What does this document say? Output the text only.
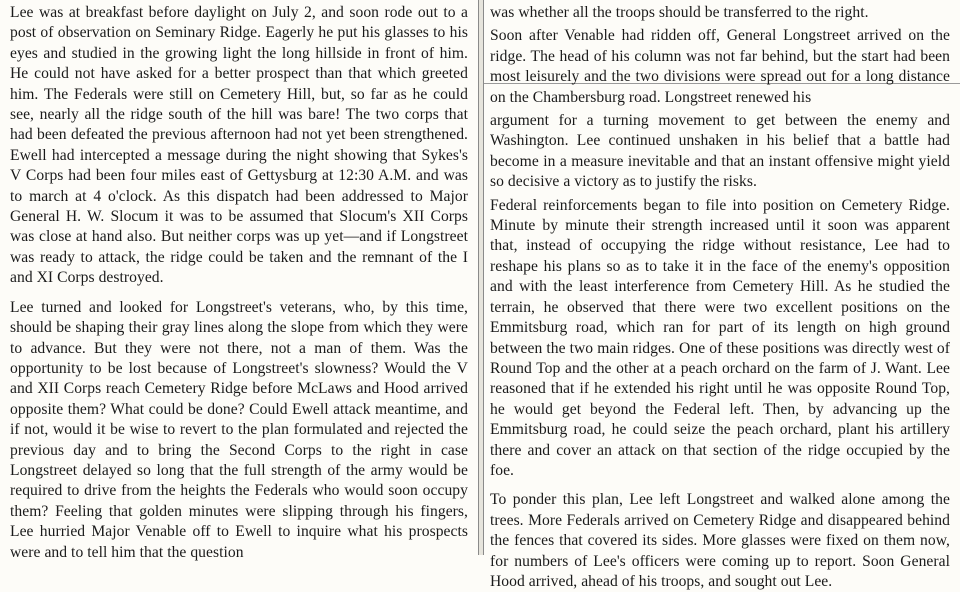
Lee was at breakfast before daylight on July 2, and soon rode out to a post of observation on Seminary Ridge. Eagerly he put his glasses to his eyes and studied in the growing light the long hillside in front of him. He could not have asked for a better prospect than that which greeted him. The Federals were still on Cemetery Hill, but, so far as he could see, nearly all the ridge south of the hill was bare! The two corps that had been defeated the previous afternoon had not yet been strengthened. Ewell had intercepted a message during the night showing that Sykes's V Corps had been four miles east of Gettysburg at 12:30 A.M. and was to march at 4 o'clock. As this dispatch had been addressed to Major General H. W. Slocum it was to be assumed that Slocum's XII Corps was close at hand also. But neither corps was up yet—and if Longstreet was ready to attack, the ridge could be taken and the remnant of the I and XI Corps destroyed.

Lee turned and looked for Longstreet's veterans, who, by this time, should be shaping their gray lines along the slope from which they were to advance. But they were not there, not a man of them. Was the opportunity to be lost because of Longstreet's slowness? Would the V and XII Corps reach Cemetery Ridge before McLaws and Hood arrived opposite them? What could be done? Could Ewell attack meantime, and if not, would it be wise to revert to the plan formulated and rejected the previous day and to bring the Second Corps to the right in case Longstreet delayed so long that the full strength of the army would be required to drive from the heights the Federals who would soon occupy them? Feeling that golden minutes were slipping through his fingers, Lee hurried Major Venable off to Ewell to inquire what his prospects were and to tell him that the question

was whether all the troops should be transferred to the right.

Soon after Venable had ridden off, General Longstreet arrived on the ridge. The head of his column was not far behind, but the start had been most leisurely and the two divisions were spread out for a long distance on the Chambersburg road. Longstreet renewed his

argument for a turning movement to get between the enemy and Washington. Lee continued unshaken in his belief that a battle had become in a measure inevitable and that an instant offensive might yield so decisive a victory as to justify the risks.

Federal reinforcements began to file into position on Cemetery Ridge. Minute by minute their strength increased until it soon was apparent that, instead of occupying the ridge without resistance, Lee had to reshape his plans so as to take it in the face of the enemy's opposition and with the least interference from Cemetery Hill. As he studied the terrain, he observed that there were two excellent positions on the Emmitsburg road, which ran for part of its length on high ground between the two main ridges. One of these positions was directly west of Round Top and the other at a peach orchard on the farm of J. Want. Lee reasoned that if he extended his right until he was opposite Round Top, he would get beyond the Federal left. Then, by advancing up the Emmitsburg road, he could seize the peach orchard, plant his artillery there and cover an attack on that section of the ridge occupied by the foe.

To ponder this plan, Lee left Longstreet and walked alone among the trees. More Federals arrived on Cemetery Ridge and disappeared behind the fences that covered its sides. More glasses were fixed on them now, for numbers of Lee's officers were coming up to report. Soon General Hood arrived, ahead of his troops, and sought out Lee.
